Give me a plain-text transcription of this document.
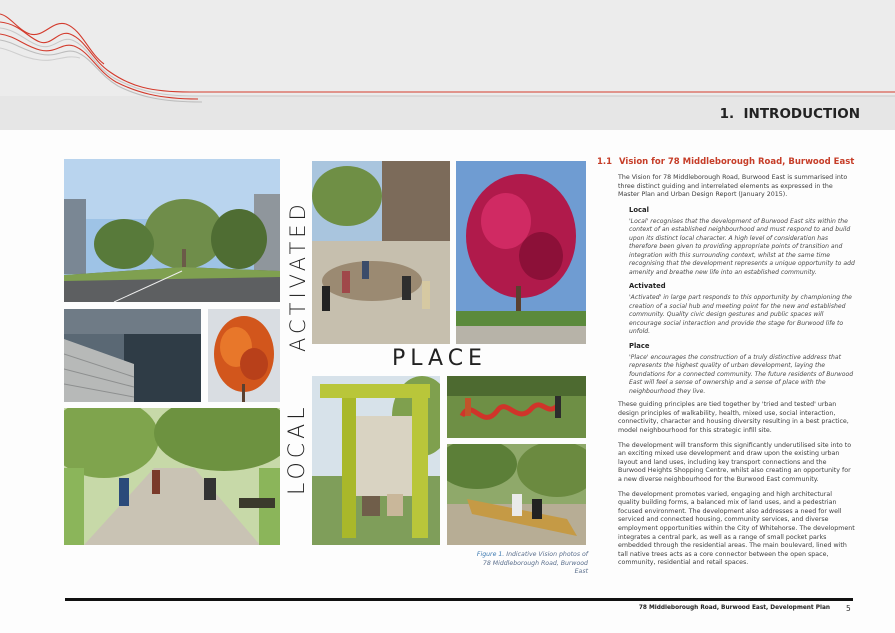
1. INTRODUCTION
ACTIVATED
PLACE
LOCAL

Figure 1. Indicative Vision photos of 78 Middleborough Road, Burwood East

1.1 Vision for 78 Middleborough Road, Burwood East

The Vision for 78 Middleborough Road, Burwood East is summarised into three distinct guiding and interrelated elements as expressed in the Master Plan and Urban Design Report (January 2015).

Local

'Local' recognises that the development of Burwood East sits within the context of an established neighbourhood and must respond to and build upon its distinct local character. A high level of consideration has therefore been given to providing appropriate points of transition and integration with this surrounding context, whilst at the same time recognising that the development represents a unique opportunity to add amenity and breathe new life into an established community.

Activated

'Activated' in large part responds to this opportunity by championing the creation of a social hub and meeting point for the new and established community. Quality civic design gestures and public spaces will encourage social interaction and provide the stage for Burwood life to unfold.

Place

'Place' encourages the construction of a truly distinctive address that represents the highest quality of urban development, laying the foundations for a connected community. The future residents of Burwood East will feel a sense of ownership and a sense of place with the neighbourhood they live.

These guiding principles are tied together by 'tried and tested' urban design principles of walkability, health, mixed use, social interaction, connectivity, character and housing diversity resulting in a best practice, model neighbourhood for this strategic infill site.

The development will transform this significantly underutilised site into to an exciting mixed use development and draw upon the existing urban layout and land uses, including key transport connections and the Burwood Heights Shopping Centre, whilst also creating an opportunity for a new diverse neighbourhood for the Burwood East community.

The development promotes varied, engaging and high architectural quality building forms, a balanced mix of land uses, and a pedestrian focused environment. The development also addresses a need for well serviced and connected housing, community services, and diverse employment opportunities within the City of Whitehorse. The development integrates a central park, as well as a range of small pocket parks embedded through the residential areas. The main boulevard, lined with tall native trees acts as a core connector between the open space, community, residential and retail spaces.

78 Middleborough Road, Burwood East, Development Plan 5
